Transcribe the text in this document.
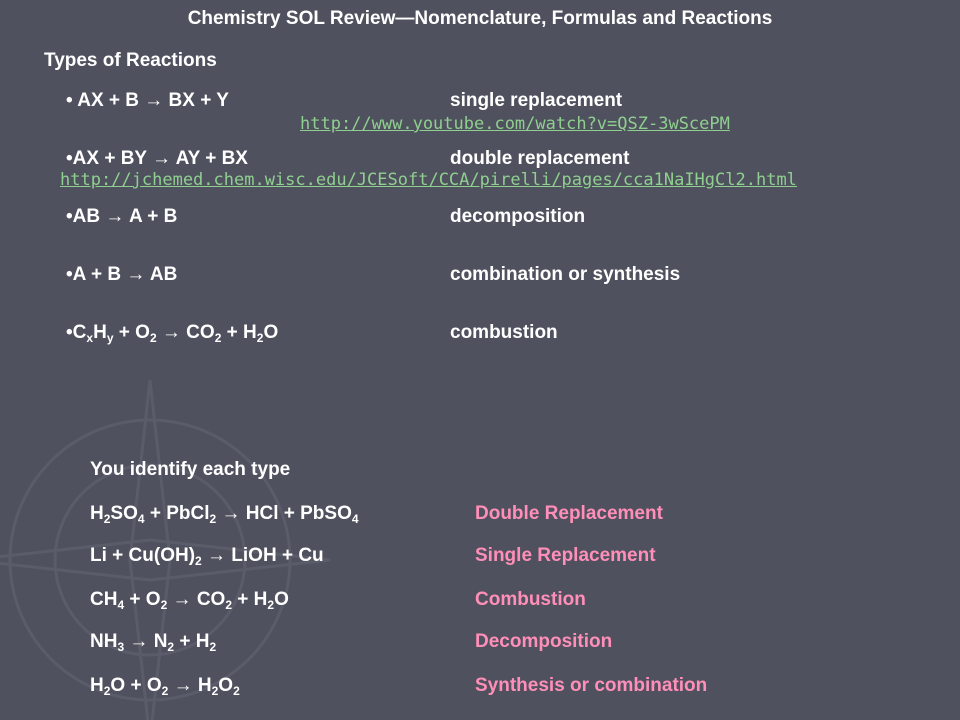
Chemistry SOL Review—Nomenclature, Formulas and Reactions
Types of Reactions
• AX + B → BX + Y	single replacement
http://www.youtube.com/watch?v=QSZ-3wScePM
•AX + BY → AY + BX	double replacement
http://jchemed.chem.wisc.edu/JCESoft/CCA/pirelli/pages/cca1NaIHgCl2.html
•AB → A + B	decomposition
•A + B → AB	combination or synthesis
$•C_xH_y + O_2 \to CO_2 + H_2O$	combustion
You identify each type
$H_2SO_4$ + PbCl$_2$ → HCl + PbSO$_4$	Double Replacement
$Li + Cu(OH)_2$ → LiOH + Cu	Single Replacement
$CH_4 + O_2 \to CO_2 + H_2O$	Combustion
$NH_3 \to N_2 + H_2$	Decomposition
$H_2O + O_2 \to H_2O_2$	Synthesis or combination
